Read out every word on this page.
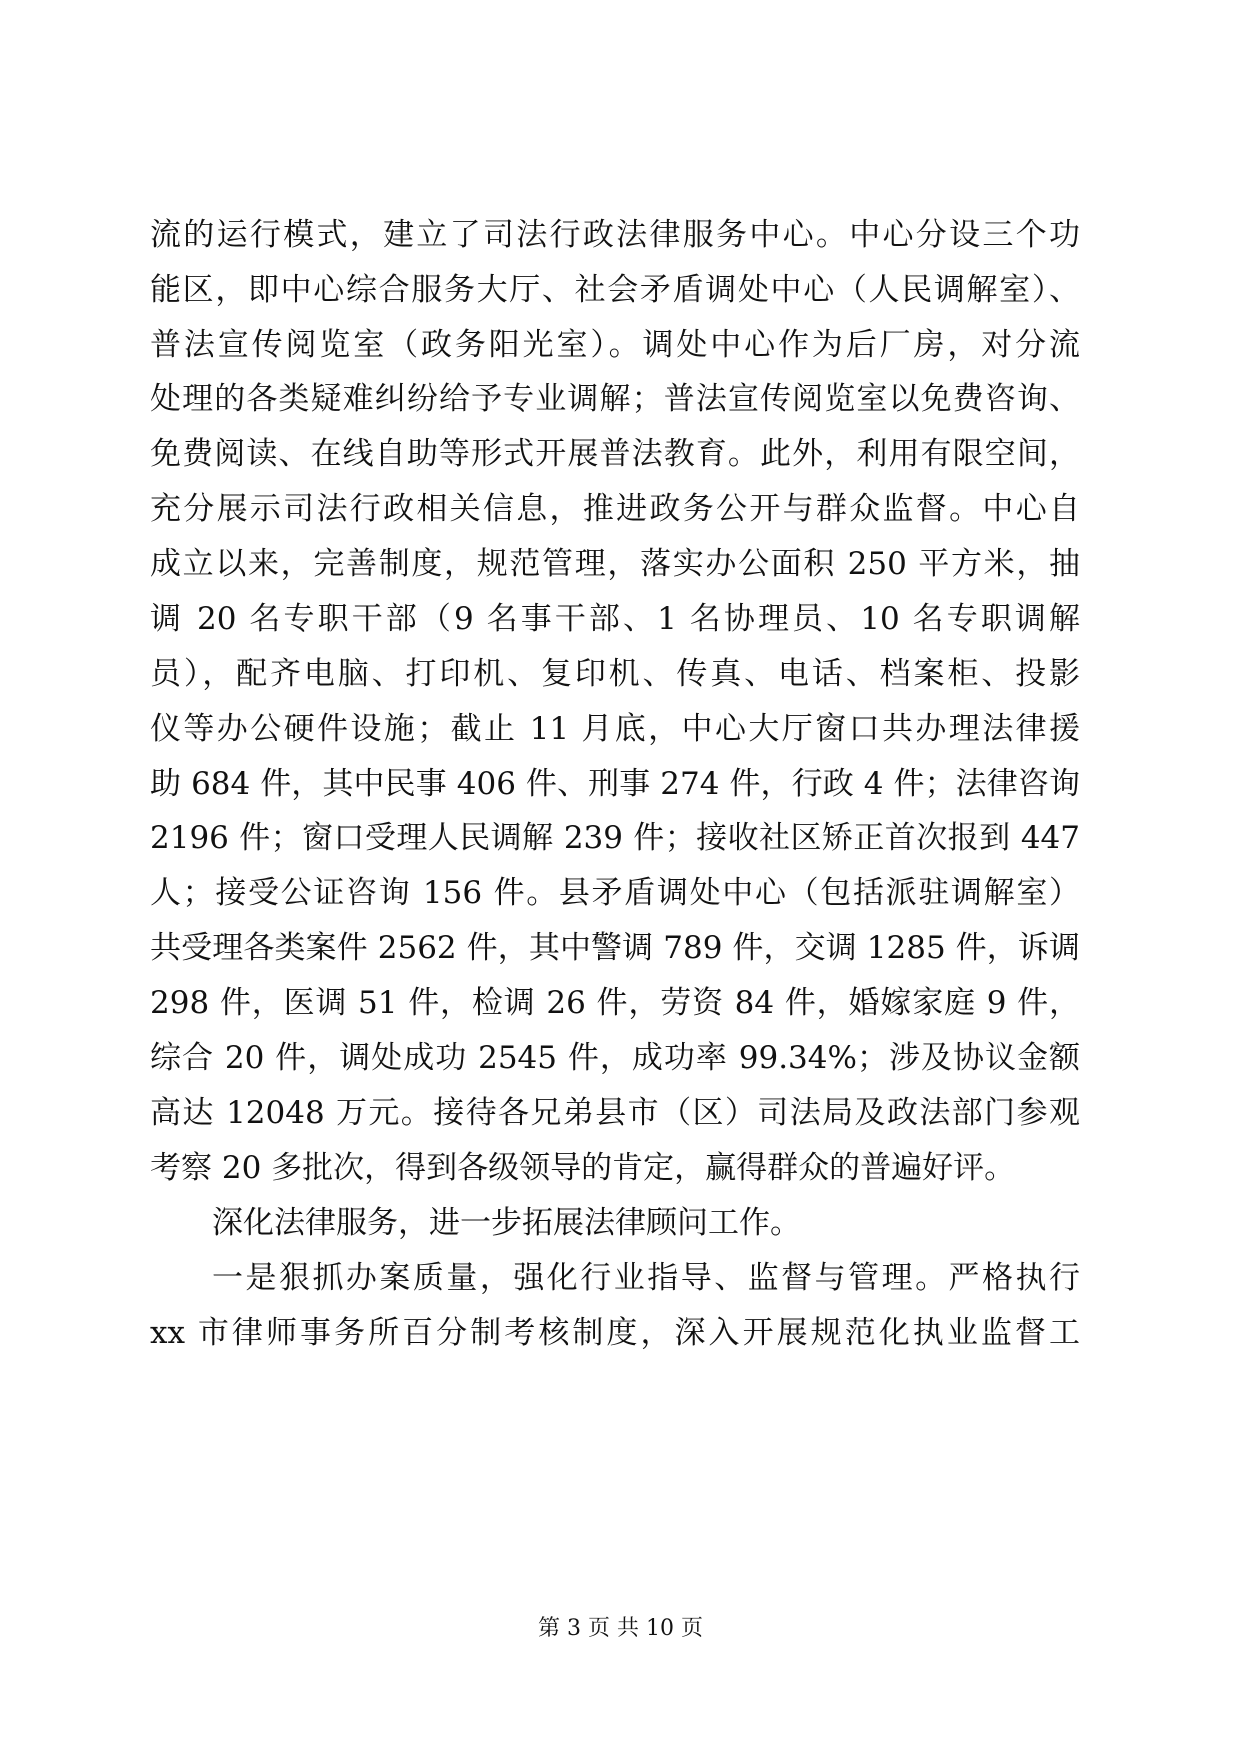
流的运行模式，建立了司法行政法律服务中心。中心分设三个功
能区，即中心综合服务大厅、社会矛盾调处中心（人民调解室）、
普法宣传阅览室（政务阳光室）。调处中心作为后厂房，对分流
处理的各类疑难纠纷给予专业调解；普法宣传阅览室以免费咨询、
免费阅读、在线自助等形式开展普法教育。此外，利用有限空间，
充分展示司法行政相关信息，推进政务公开与群众监督。中心自
成立以来，完善制度，规范管理，落实办公面积 250 平方米，抽
调 20 名专职干部（9 名事干部、1 名协理员、10 名专职调解
员），配齐电脑、打印机、复印机、传真、电话、档案柜、投影
仪等办公硬件设施；截止 11 月底，中心大厅窗口共办理法律援
助 684 件，其中民事 406 件、刑事 274 件，行政 4 件；法律咨询
2196 件；窗口受理人民调解 239 件；接收社区矫正首次报到 447
人；接受公证咨询 156 件。县矛盾调处中心（包括派驻调解室）
共受理各类案件 2562 件，其中警调 789 件，交调 1285 件，诉调
298 件，医调 51 件，检调 26 件，劳资 84 件，婚嫁家庭 9 件，
综合 20 件，调处成功 2545 件，成功率 99.34%；涉及协议金额
高达 12048 万元。接待各兄弟县市（区）司法局及政法部门参观
考察 20 多批次，得到各级领导的肯定，赢得群众的普遍好评。
深化法律服务，进一步拓展法律顾问工作。
一是狠抓办案质量，强化行业指导、监督与管理。严格执行
xx 市律师事务所百分制考核制度，深入开展规范化执业监督工
第 3 页 共 10 页
